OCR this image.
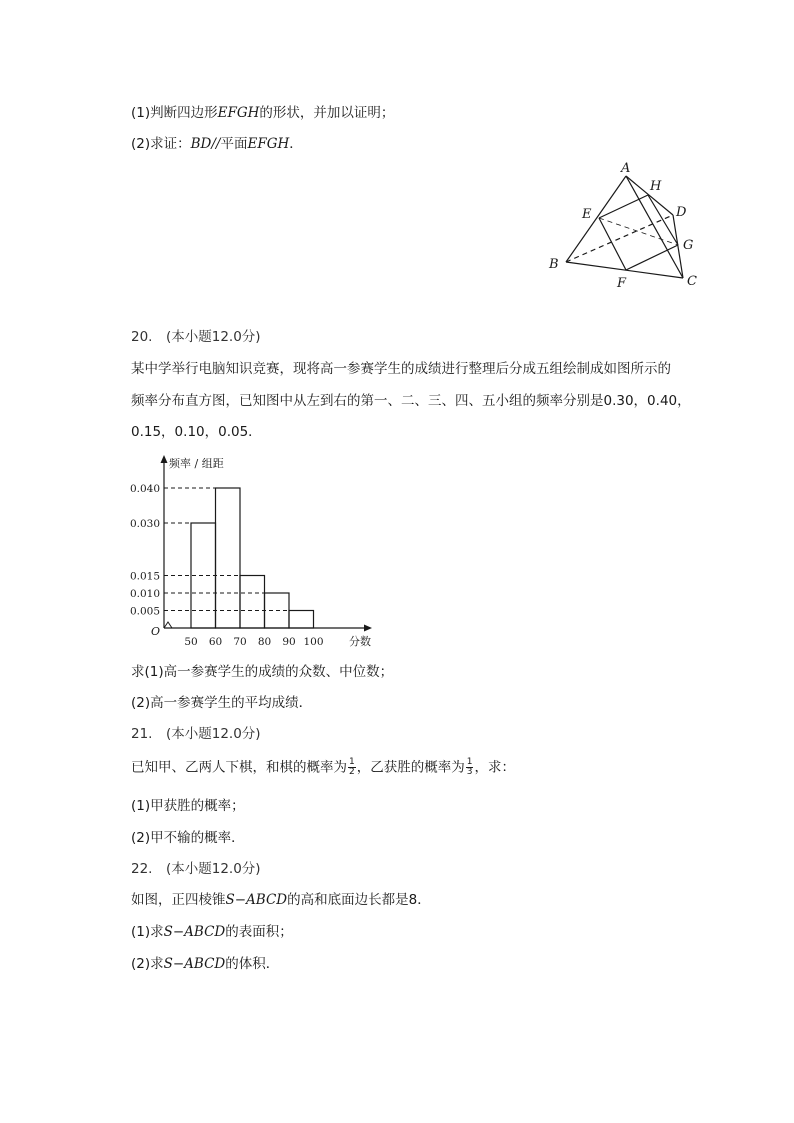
(1)判断四边形EFGH的形状，并加以证明；
(2)求证：BD//平面EFGH．
A
H
D
E
G
B
F	C
20.　(本小题12.0分)
某中学举行电脑知识竞赛，现将高一参赛学生的成绩进行整理后分成五组绘制成如图所示的
频率分布直方图，已知图中从左到右的第一、二、三、四、五小组的频率分别是0.30，0.40，
0.15，0.10，0.05．
0.040
0.030
0.015
0.010
0.005
50 60 70 80 90 100
O
频率 / 组距
分数
求(1)高一参赛学生的成绩的众数、中位数；
(2)高一参赛学生的平均成绩．
21.　(本小题12.0分)
已知甲、乙两人下棋，和棋的概率为 $\frac{1}{2}$ ，乙获胜的概率为 $\frac{1}{3}$ ，求：
(1)甲获胜的概率；
(2)甲不输的概率．
22.　(本小题12.0分)
如图，正四棱锥S−ABCD的高和底面边长都是8．
(1)求S−ABCD的表面积；
(2)求S−ABCD的体积．
